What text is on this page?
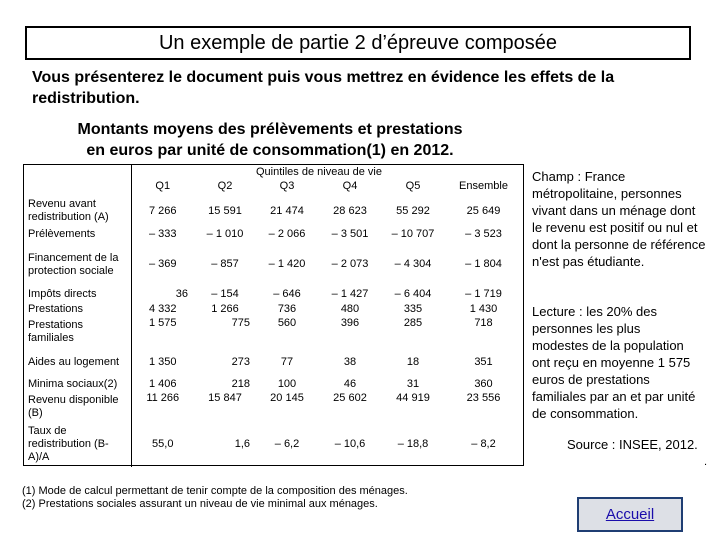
Un exemple de partie 2 d’épreuve composée
Vous présenterez le document puis vous mettrez en évidence les effets de la redistribution.
Montants moyens des prélèvements et prestations
en euros par unité de consommation(1) en 2012.
Quintiles de niveau de vie
	Q1	Q2	Q3	Q4	Q5	Ensemble
Revenu avant redistribution (A)	7 266	15 591	21 474	28 623	55 292	25 649
Prélèvements	– 333	– 1 010	– 2 066	– 3 501	– 10 707	– 3 523
Financement de la protection sociale	– 369	– 857	– 1 420	– 2 073	– 4 304	– 1 804
Impôts directs	36	– 154	– 646	– 1 427	– 6 404	– 1 719
Prestations	4 332	1 266	736	480	335	1 430
Prestations familiales	1 575	775	560	396	285	718
Aides au logement	1 350	273	77	38	18	351
Minima sociaux(2)	1 406	218	100	46	31	360
Revenu disponible (B)	11 266	15 847	20 145	25 602	44 919	23 556
Taux de redistribution (B-A)/A	55,0	1,6	– 6,2	– 10,6	– 18,8	– 8,2
Champ : France métropolitaine, personnes vivant dans un ménage dont le revenu est positif ou nul et dont la personne de référence n'est pas étudiante.
Lecture : les 20% des personnes les plus modestes de la population ont reçu en moyenne 1 575 euros de prestations familiales par an et par unité de consommation.
Source : INSEE, 2012.
.
(1) Mode de calcul permettant de tenir compte de la composition des ménages.
(2) Prestations sociales assurant un niveau de vie minimal aux ménages.
Accueil
